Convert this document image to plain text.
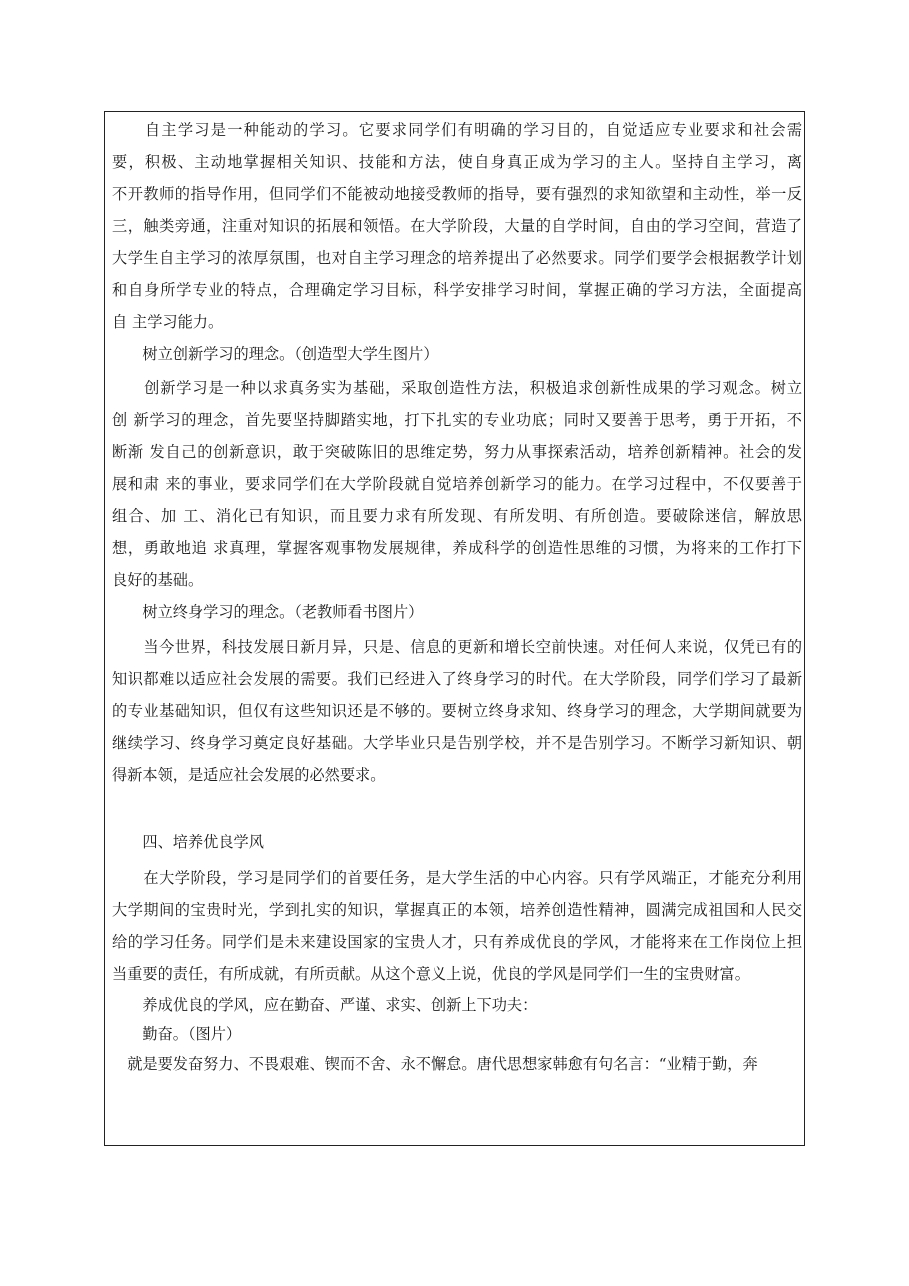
　　自主学习是一种能动的学习。它要求同学们有明确的学习目的，自觉适应专业要求和社会需
要，积极、主动地掌握相关知识、技能和方法，使自身真正成为学习的主人。坚持自主学习，离
不开教师的指导作用，但同学们不能被动地接受教师的指导，要有强烈的求知欲望和主动性，举一反
三，触类旁通，注重对知识的拓展和领悟。在大学阶段，大量的自学时间，自由的学习空间，营造了
大学生自主学习的浓厚氛围，也对自主学习理念的培养提出了必然要求。同学们要学会根据教学计划
和自身所学专业的特点，合理确定学习目标，科学安排学习时间，掌握正确的学习方法，全面提高
自 主学习能力。
　　树立创新学习的理念。（创造型大学生图片）
　　创新学习是一种以求真务实为基础，采取创造性方法，积极追求创新性成果的学习观念。树立
创 新学习的理念，首先要坚持脚踏实地，打下扎实的专业功底；同时又要善于思考，勇于开拓，不
断渐 发自己的创新意识，敢于突破陈旧的思维定势，努力从事探索活动，培养创新精神。社会的发
展和肃 来的事业，要求同学们在大学阶段就自觉培养创新学习的能力。在学习过程中，不仅要善于
组合、加 工、消化已有知识，而且要力求有所发现、有所发明、有所创造。要破除迷信，解放思
想，勇敢地追 求真理，掌握客观事物发展规律，养成科学的创造性思维的习惯，为将来的工作打下
良好的基础。
　　树立终身学习的理念。（老教师看书图片）
　　当今世界，科技发展日新月异，只是、信息的更新和增长空前快速。对任何人来说，仅凭已有的
知识都难以适应社会发展的需要。我们已经进入了终身学习的时代。在大学阶段，同学们学习了最新
的专业基础知识，但仅有这些知识还是不够的。要树立终身求知、终身学习的理念，大学期间就要为
继续学习、终身学习奠定良好基础。大学毕业只是告别学校，并不是告别学习。不断学习新知识、朝
得新本领，是适应社会发展的必然要求。
　　四、培养优良学风
　　在大学阶段，学习是同学们的首要任务，是大学生活的中心内容。只有学风端正，才能充分利用
大学期间的宝贵时光，学到扎实的知识，掌握真正的本领，培养创造性精神，圆满完成祖国和人民交
给的学习任务。同学们是未来建设国家的宝贵人才，只有养成优良的学风，才能将来在工作岗位上担
当重要的责任，有所成就，有所贡献。从这个意义上说，优良的学风是同学们一生的宝贵财富。
　　养成优良的学风，应在勤奋、严谨、求实、创新上下功夫：
　　勤奋。（图片）
　就是要发奋努力、不畏艰难、锲而不舍、永不懈怠。唐代思想家韩愈有句名言：“业精于勤，奔
